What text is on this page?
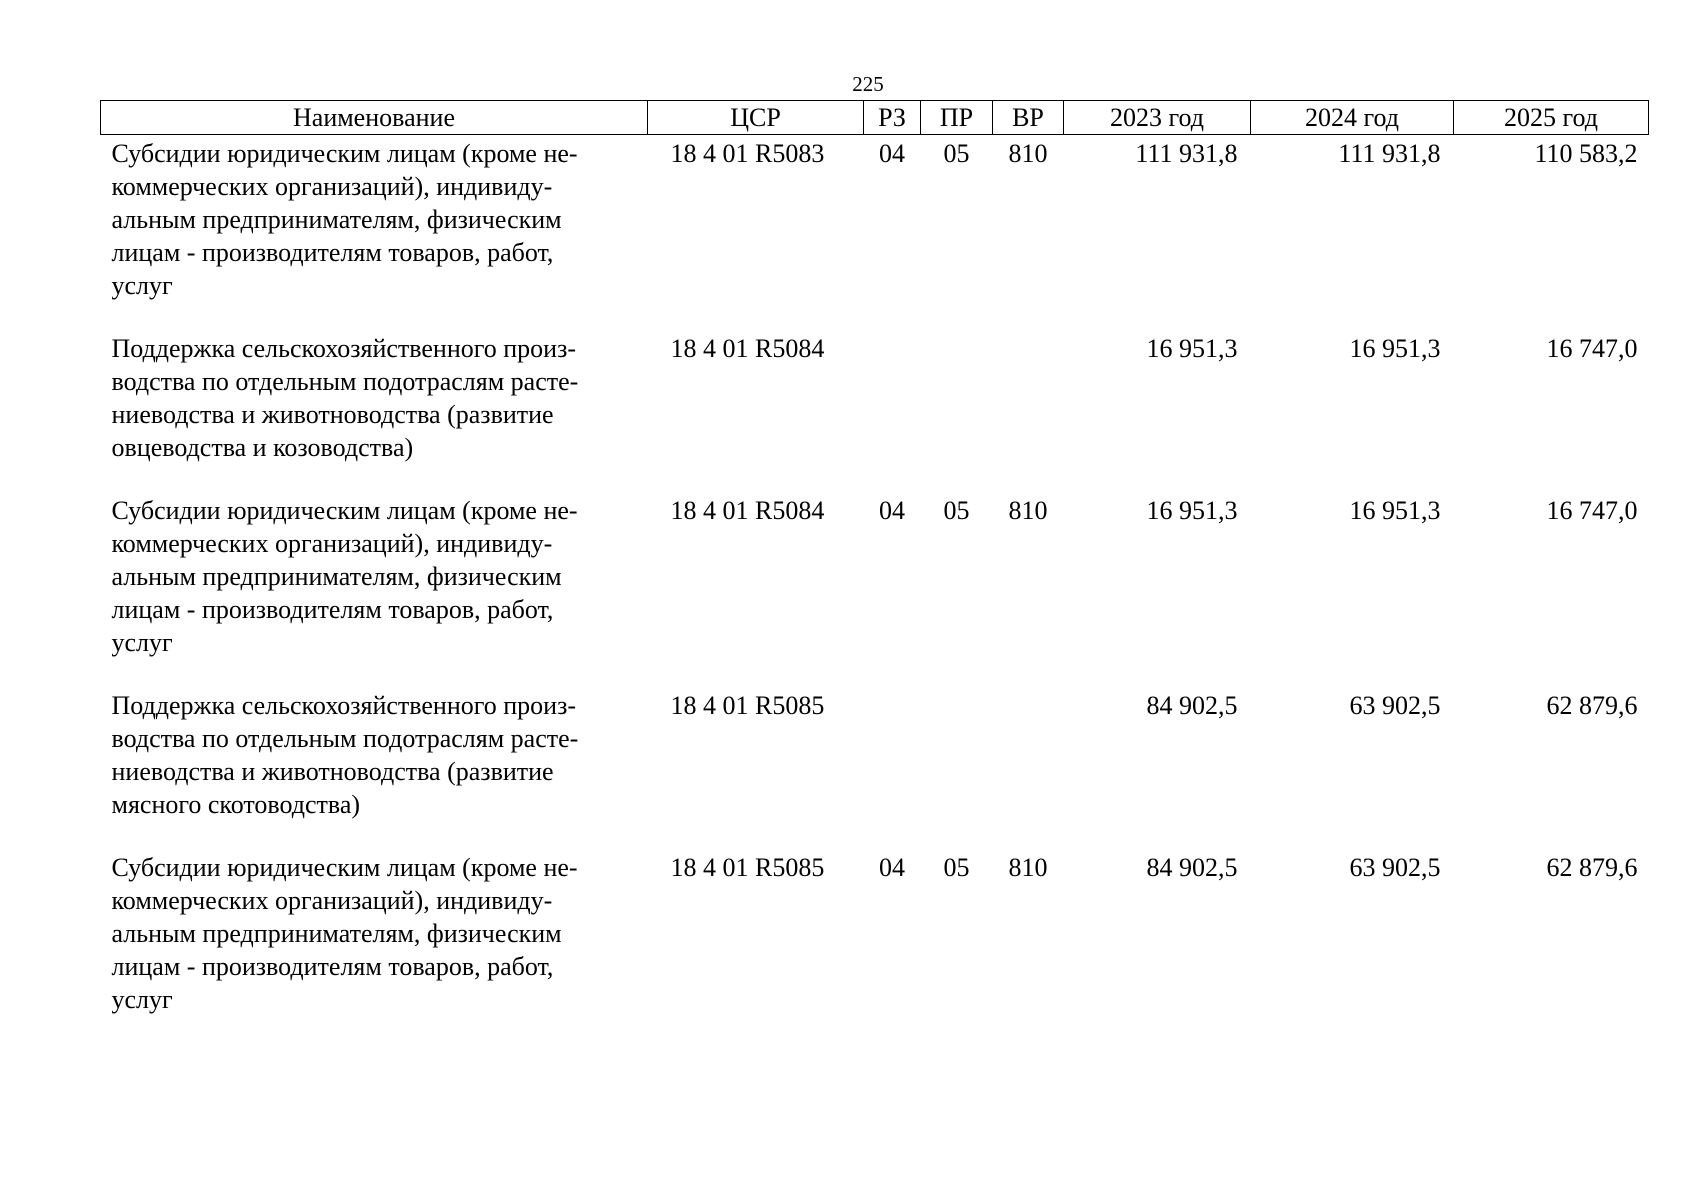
225
Наименование	ЦСР	РЗ	ПР	ВР	2023 год	2024 год	2025 год

Субсидии юридическим лицам (кроме не-
коммерческих организаций), индивиду-
альным предпринимателям, физическим
лицам - производителям товаров, работ,
услуг	18 4 01 R5083	04	05	810	111 931,8	111 931,8	110 583,2

Поддержка сельскохозяйственного произ-
водства по отдельным подотраслям расте-
ниеводства и животноводства (развитие
овцеводства и козоводства)	18 4 01 R5084				16 951,3	16 951,3	16 747,0

Субсидии юридическим лицам (кроме не-
коммерческих организаций), индивиду-
альным предпринимателям, физическим
лицам - производителям товаров, работ,
услуг	18 4 01 R5084	04	05	810	16 951,3	16 951,3	16 747,0

Поддержка сельскохозяйственного произ-
водства по отдельным подотраслям расте-
ниеводства и животноводства (развитие
мясного скотоводства)	18 4 01 R5085				84 902,5	63 902,5	62 879,6

Субсидии юридическим лицам (кроме не-
коммерческих организаций), индивиду-
альным предпринимателям, физическим
лицам - производителям товаров, работ,
услуг	18 4 01 R5085	04	05	810	84 902,5	63 902,5	62 879,6
